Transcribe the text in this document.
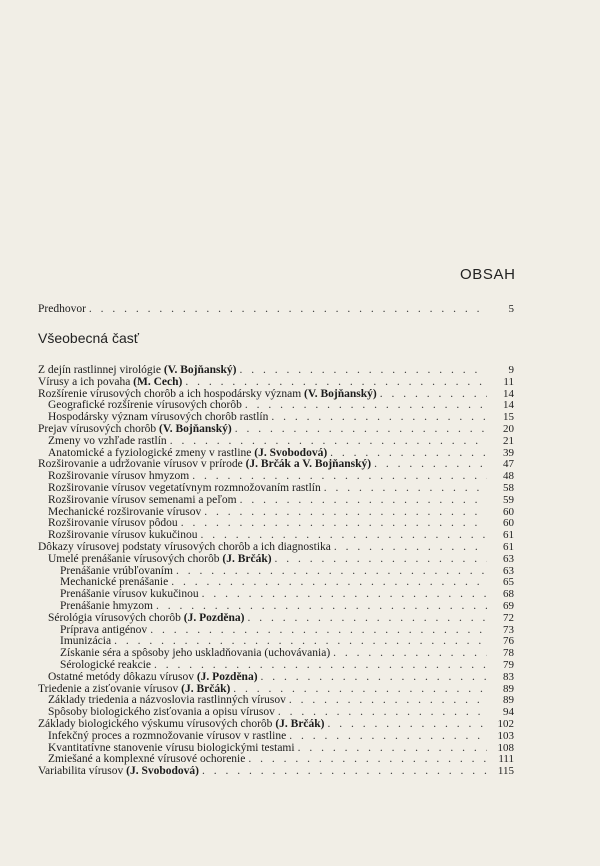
OBSAH
Predhovor . . .	5
Všeobecná časť
Z dejín rastlinnej virológie (V. Bojňanský) . . .	9
Vírusy a ich povaha (M. Čech) . . .	11
Rozšírenie vírusových chorôb a ich hospodársky význam (V. Bojňanský) . . .	14
Geografické rozšírenie vírusových chorôb . . .	14
Hospodársky význam vírusových chorôb rastlín . . .	15
Prejav vírusových chorôb (V. Bojňanský) . . .	20
Zmeny vo vzhľade rastlín . . .	21
Anatomické a fyziologické zmeny v rastline (J. Svobodová) . . .	39
Rozširovanie a udržovanie vírusov v prírode (J. Brčák a V. Bojňanský) . . .	47
Rozširovanie vírusov hmyzom . . .	48
Rozširovanie vírusov vegetatívnym rozmnožovaním rastlín . . .	58
Rozširovanie vírusov semenami a peľom . . .	59
Mechanické rozširovanie vírusov . . .	60
Rozširovanie vírusov pôdou . . .	60
Rozširovanie vírusov kukučinou . . .	61
Dôkazy vírusovej podstaty vírusových chorôb a ich diagnostika . . .	61
Umelé prenášanie vírusových chorôb (J. Brčák) . . .	63
Prenášanie vrúbľovaním . . .	63
Mechanické prenášanie . . .	65
Prenášanie vírusov kukučinou . . .	68
Prenášanie hmyzom . . .	69
Sérológia vírusových chorôb (J. Pozděna) . . .	72
Príprava antigénov . . .	73
Imunizácia . . .	76
Získanie séra a spôsoby jeho uskladňovania (uchovávania) . . .	78
Sérologické reakcie . . .	79
Ostatné metódy dôkazu vírusov (J. Pozděna) . . .	83
Triedenie a zisťovanie vírusov (J. Brčák) . . .	89
Základy triedenia a názvoslovia rastlinných vírusov . . .	89
Spôsoby biologického zisťovania a opisu vírusov . . .	94
Základy biologického výskumu vírusových chorôb (J. Brčák) . . .	102
Infekčný proces a rozmnožovanie vírusov v rastline . . .	103
Kvantitatívne stanovenie vírusu biologickými testami . . .	108
Zmiešané a komplexné vírusové ochorenie . . .	111
Variabilita vírusov (J. Svobodová) . . .	115
